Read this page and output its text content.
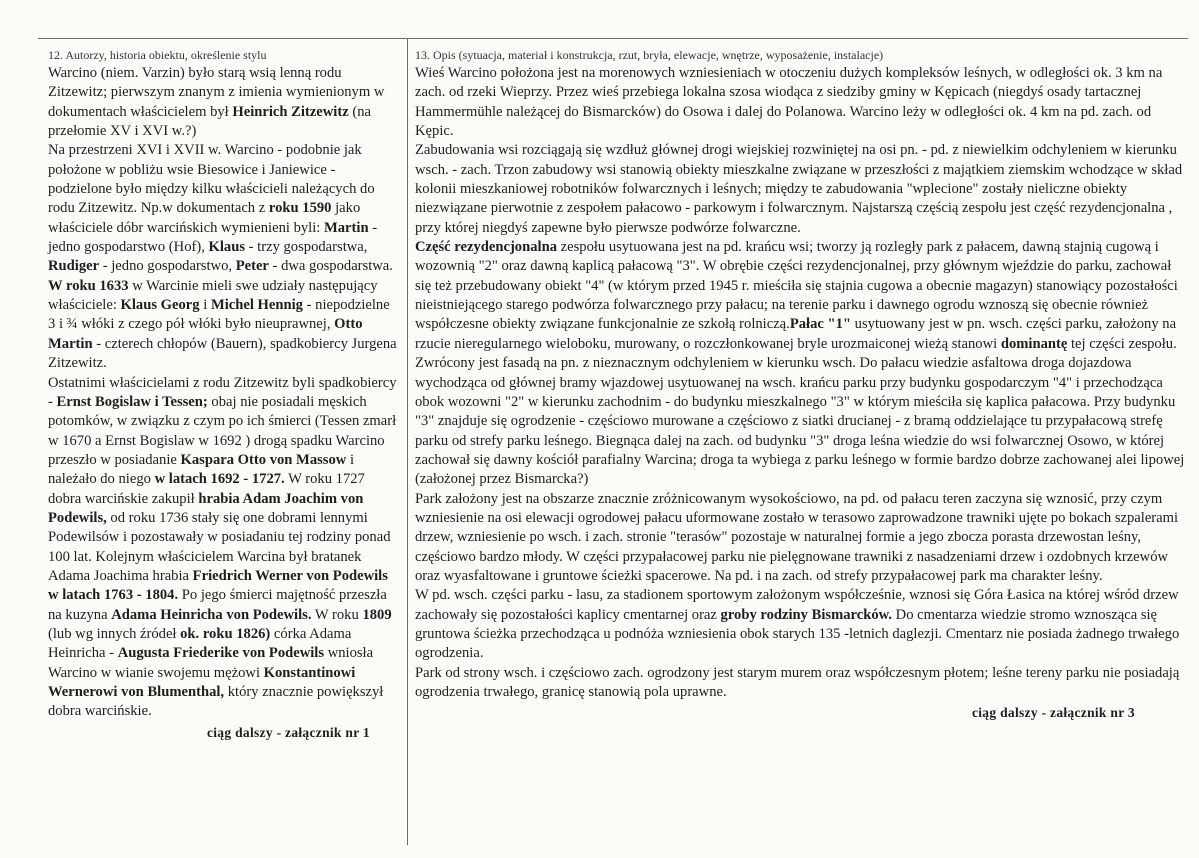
12. Autorzy, historia obiektu, określenie stylu

Warcino (niem. Varzin) było starą wsią lenną rodu Zitzewitz; pierwszym znanym z imienia wymienionym w dokumentach właścicielem był Heinrich Zitzewitz (na przełomie XV i XVI w.?)

Na przestrzeni XVI i XVII w. Warcino - podobnie jak położone w pobliżu wsie Biesowice i Janiewice - podzielone było między kilku właścicieli należących do rodu Zitzewitz. Np.w dokumentach z roku 1590 jako właściciele dóbr warcińskich wymienieni byli: Martin - jedno gospodarstwo (Hof), Klaus - trzy gospodarstwa, Rudiger - jedno gospodarstwo, Peter - dwa gospodarstwa.

W roku 1633 w Warcinie mieli swe udziały następujący właściciele: Klaus Georg i Michel Hennig - niepodzielne 3 i ¾ włóki z czego pół włóki było nieuprawnej, Otto Martin - czterech chłopów (Bauern), spadkobiercy Jurgena Zitzewitz.

Ostatnimi właścicielami z rodu Zitzewitz byli spadkobiercy - Ernst Bogislaw i Tessen; obaj nie posiadali męskich potomków, w związku z czym po ich śmierci (Tessen zmarł w 1670 a Ernst Bogislaw w 1692 ) drogą spadku Warcino przeszło w posiadanie Kaspara Otto von Massow i należało do niego w latach 1692 - 1727. W roku 1727 dobra warcińskie zakupił hrabia Adam Joachim von Podewils, od roku 1736 stały się one dobrami lennymi Podewilsów i pozostawały w posiadaniu tej rodziny ponad 100 lat. Kolejnym właścicielem Warcina był bratanek Adama Joachima hrabia Friedrich Werner von Podewils w latach 1763 - 1804. Po jego śmierci majętność przeszła na kuzyna Adama Heinricha von Podewils. W roku 1809 (lub wg innych źródeł ok. roku 1826) córka Adama Heinricha - Augusta Friederike von Podewils wniosła Warcino w wianie swojemu mężowi Konstantinowi Wernerowi von Blumenthal, który znacznie powiększył dobra warcińskie.

ciąg dalszy - załącznik nr 1
13. Opis (sytuacja, materiał i konstrukcja, rzut, bryła, elewacje, wnętrze, wyposażenie, instalacje)

Wieś Warcino położona jest na morenowych wzniesieniach w otoczeniu dużych kompleksów leśnych, w odległości ok. 3 km na zach. od rzeki Wieprzy. Przez wieś przebiega lokalna szosa wiodąca z siedziby gminy w Kępicach (niegdyś osady tartacznej Hammermühle należącej do Bismarcków) do Osowa i dalej do Polanowa. Warcino leży w odległości ok. 4 km na pd. zach. od Kępic.

Zabudowania wsi rozciągają się wzdłuż głównej drogi wiejskiej rozwiniętej na osi pn. - pd. z niewielkim odchyleniem w kierunku wsch. - zach. Trzon zabudowy wsi stanowią obiekty mieszkalne związane w przeszłości z majątkiem ziemskim wchodzące w skład kolonii mieszkaniowej robotników folwarcznych i leśnych; między te zabudowania "wplecione" zostały nieliczne obiekty niezwiązane pierwotnie z zespołem pałacowo - parkowym i folwarcznym. Najstarszą częścią zespołu jest część rezydencjonalna , przy której niegdyś zapewne było pierwsze podwórze folwarczne.

Część rezydencjonalna zespołu usytuowana jest na pd. krańcu wsi; tworzy ją rozległy park z pałacem, dawną stajnią cugową i wozownią "2" oraz dawną kaplicą pałacową "3". W obrębie części rezydencjonalnej, przy głównym wjeździe do parku, zachował się też przebudowany obiekt "4" (w którym przed 1945 r. mieściła się stajnia cugowa a obecnie magazyn) stanowiący pozostałości nieistniejącego starego podwórza folwarcznego przy pałacu; na terenie parku i dawnego ogrodu wznoszą się obecnie również współczesne obiekty związane funkcjonalnie ze szkołą rolniczą.Pałac "1" usytuowany jest w pn. wsch. części parku, założony na rzucie nieregularnego wieloboku, murowany, o rozczłonkowanej bryle urozmaiconej wieżą stanowi dominantę tej części zespołu. Zwrócony jest fasadą na pn. z nieznacznym odchyleniem w kierunku wsch. Do pałacu wiedzie asfaltowa droga dojazdowa wychodząca od głównej bramy wjazdowej usytuowanej na wsch. krańcu parku przy budynku gospodarczym "4" i przechodząca obok wozowni "2" w kierunku zachodnim - do budynku mieszkalnego "3" w którym mieściła się kaplica pałacowa. Przy budynku "3" znajduje się ogrodzenie - częściowo murowane a częściowo z siatki drucianej - z bramą oddzielające tu przypałacową strefę parku od strefy parku leśnego. Biegnąca dalej na zach. od budynku "3" droga leśna wiedzie do wsi folwarcznej Osowo, w której zachował się dawny kościół parafialny Warcina; droga ta wybiega z parku leśnego w formie bardzo dobrze zachowanej alei lipowej (założonej przez Bismarcka?)

Park założony jest na obszarze znacznie zróżnicowanym wysokościowo, na pd. od pałacu teren zaczyna się wznosić, przy czym wzniesienie na osi elewacji ogrodowej pałacu uformowane zostało w terasowo zaprowadzone trawniki ujęte po bokach szpalerami drzew, wzniesienie po wsch. i zach. stronie "terasów" pozostaje w naturalnej formie a jego zbocza porasta drzewostan leśny, częściowo bardzo młody. W części przypałacowej parku nie pielęgnowane trawniki z nasadzeniami drzew i ozdobnych krzewów oraz wyasfaltowane i gruntowe ścieżki spacerowe. Na pd. i na zach. od strefy przypałacowej park ma charakter leśny.

W pd. wsch. części parku - lasu, za stadionem sportowym założonym współcześnie, wznosi się Góra Łasica na której wśród drzew zachowały się pozostałości kaplicy cmentarnej oraz groby rodziny Bismarcków. Do cmentarza wiedzie stromo wznosząca się gruntowa ścieżka przechodząca u podnóża wzniesienia obok starych 135 -letnich daglezji. Cmentarz nie posiada żadnego trwałego ogrodzenia.

Park od strony wsch. i częściowo zach. ogrodzony jest starym murem oraz współczesnym płotem; leśne tereny parku nie posiadają ogrodzenia trwałego, granicę stanowią pola uprawne.

ciąg dalszy - załącznik nr 3
